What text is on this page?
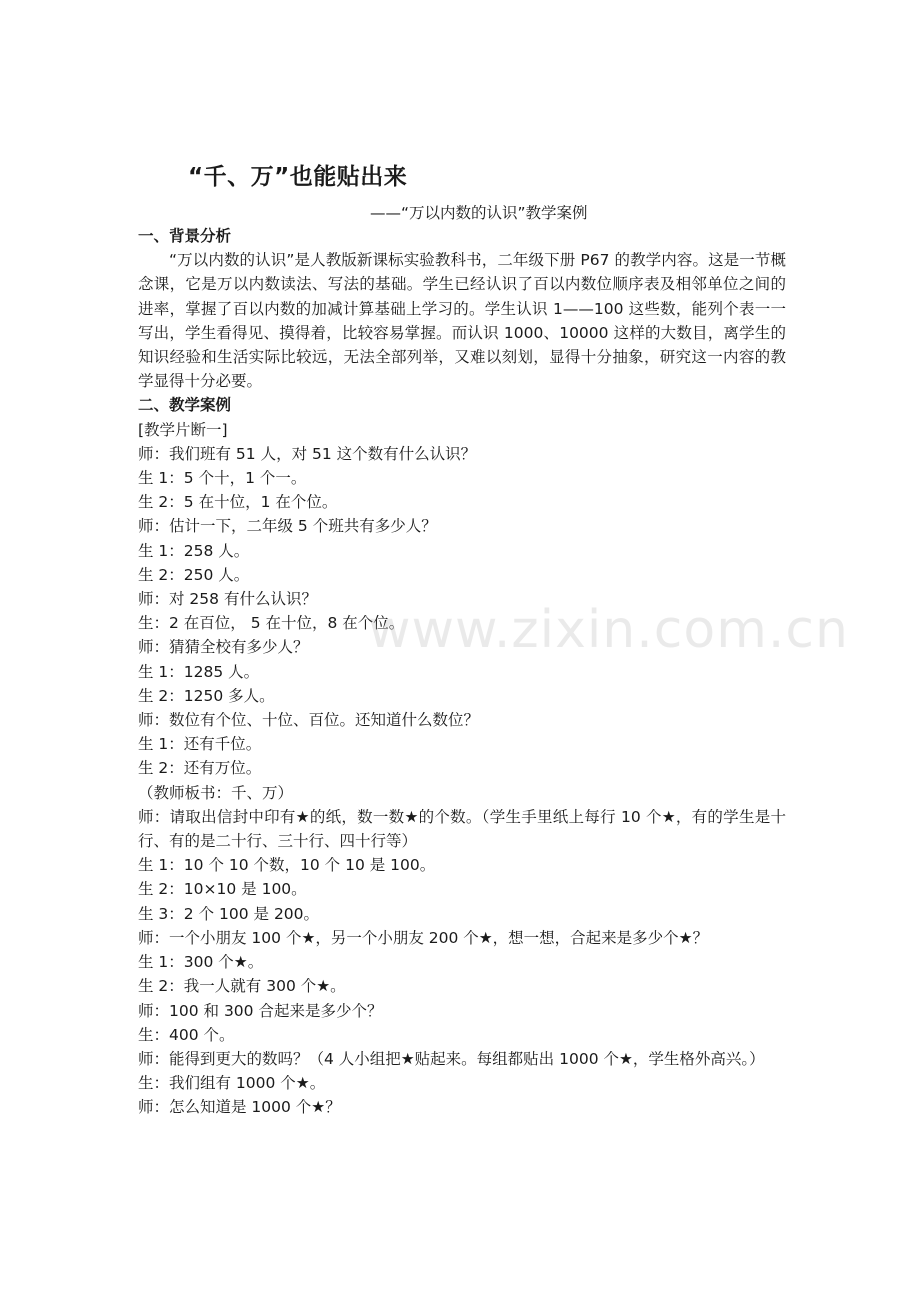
“千、万”也能贴出来
——“万以内数的认识”教学案例
一、背景分析

“万以内数的认识”是人教版新课标实验教科书，二年级下册 P67 的教学内容。这是一节概念课，它是万以内数读法、写法的基础。学生已经认识了百以内数位顺序表及相邻单位之间的进率，掌握了百以内数的加减计算基础上学习的。学生认识 1——100 这些数，能列个表一一写出，学生看得见、摸得着，比较容易掌握。而认识 1000、10000 这样的大数目，离学生的知识经验和生活实际比较远，无法全部列举，又难以刻划，显得十分抽象，研究这一内容的教学显得十分必要。

二、教学案例

[教学片断一]

师：我们班有 51 人，对 51 这个数有什么认识？

生 1：5 个十，1 个一。

生 2：5 在十位，1 在个位。

师：估计一下，二年级 5 个班共有多少人？

生 1：258 人。

生 2：250 人。

师：对 258 有什么认识？

生：2 在百位， 5 在十位，8 在个位。

师：猜猜全校有多少人？

生 1：1285 人。

生 2：1250 多人。

师：数位有个位、十位、百位。还知道什么数位？

生 1：还有千位。

生 2：还有万位。

（教师板书：千、万）

师：请取出信封中印有★的纸，数一数★的个数。（学生手里纸上每行 10 个★，有的学生是十行、有的是二十行、三十行、四十行等）

生 1：10 个 10 个数，10 个 10 是 100。

生 2：10×10 是 100。

生 3：2 个 100 是 200。

师：一个小朋友 100 个★，另一个小朋友 200 个★，想一想，合起来是多少个★？

生 1：300 个★。

生 2：我一人就有 300 个★。

师：100 和 300 合起来是多少个？

生：400 个。

师：能得到更大的数吗？（4 人小组把★贴起来。每组都贴出 1000 个★，学生格外高兴。）

生：我们组有 1000 个★。

师：怎么知道是 1000 个★？

www.zixin.com.cn
